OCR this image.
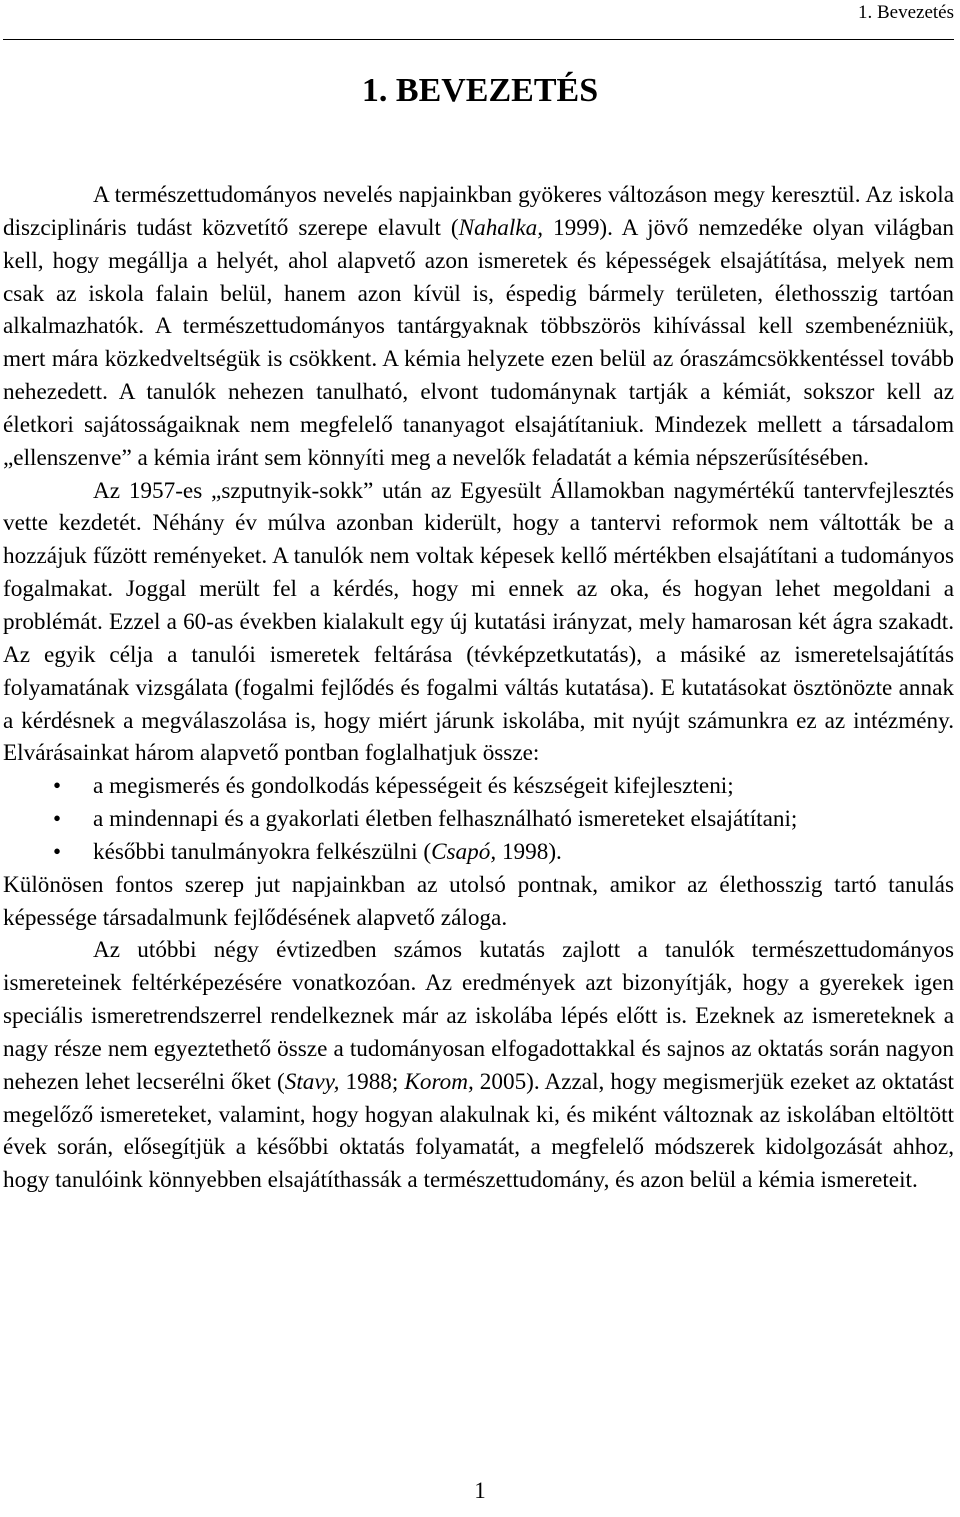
1. Bevezetés
1. BEVEZETÉS

A természettudományos nevelés napjainkban gyökeres változáson megy keresztül. Az iskola diszciplináris tudást közvetítő szerepe elavult (Nahalka, 1999). A jövő nemzedéke olyan világban kell, hogy megállja a helyét, ahol alapvető azon ismeretek és képességek elsajátítása, melyek nem csak az iskola falain belül, hanem azon kívül is, éspedig bármely területen, élethosszig tartóan alkalmazhatók. A természettudományos tantárgyaknak többszörös kihívással kell szembenézniük, mert mára közkedveltségük is csökkent. A kémia helyzete ezen belül az óraszámcsökkentéssel tovább nehezedett. A tanulók nehezen tanulható, elvont tudománynak tartják a kémiát, sokszor kell az életkori sajátosságaiknak nem megfelelő tananyagot elsajátítaniuk. Mindezek mellett a társadalom „ellenszenve” a kémia iránt sem könnyíti meg a nevelők feladatát a kémia népszerűsítésében.

Az 1957-es „szputnyik-sokk” után az Egyesült Államokban nagymértékű tantervfejlesztés vette kezdetét. Néhány év múlva azonban kiderült, hogy a tantervi reformok nem váltották be a hozzájuk fűzött reményeket. A tanulók nem voltak képesek kellő mértékben elsajátítani a tudományos fogalmakat. Joggal merült fel a kérdés, hogy mi ennek az oka, és hogyan lehet megoldani a problémát. Ezzel a 60-as években kialakult egy új kutatási irányzat, mely hamarosan két ágra szakadt. Az egyik célja a tanulói ismeretek feltárása (tévképzetkutatás), a másiké az ismeretelsajátítás folyamatának vizsgálata (fogalmi fejlődés és fogalmi váltás kutatása). E kutatásokat ösztönözte annak a kérdésnek a megválaszolása is, hogy miért járunk iskolába, mit nyújt számunkra ez az intézmény. Elvárásainkat három alapvető pontban foglalhatjuk össze:

• a megismerés és gondolkodás képességeit és készségeit kifejleszteni;
• a mindennapi és a gyakorlati életben felhasználható ismereteket elsajátítani;
• későbbi tanulmányokra felkészülni (Csapó, 1998).

Különösen fontos szerep jut napjainkban az utolsó pontnak, amikor az élethosszig tartó tanulás képessége társadalmunk fejlődésének alapvető záloga.

Az utóbbi négy évtizedben számos kutatás zajlott a tanulók természettudományos ismereteinek feltérképezésére vonatkozóan. Az eredmények azt bizonyítják, hogy a gyerekek igen speciális ismeretrendszerrel rendelkeznek már az iskolába lépés előtt is. Ezeknek az ismereteknek a nagy része nem egyeztethető össze a tudományosan elfogadottakkal és sajnos az oktatás során nagyon nehezen lehet lecserélni őket (Stavy, 1988; Korom, 2005). Azzal, hogy megismerjük ezeket az oktatást megelőző ismereteket, valamint, hogy hogyan alakulnak ki, és miként változnak az iskolában eltöltött évek során, elősegítjük a későbbi oktatás folyamatát, a megfelelő módszerek kidolgozását ahhoz, hogy tanulóink könnyebben elsajátíthassák a természettudomány, és azon belül a kémia ismereteit.

1
